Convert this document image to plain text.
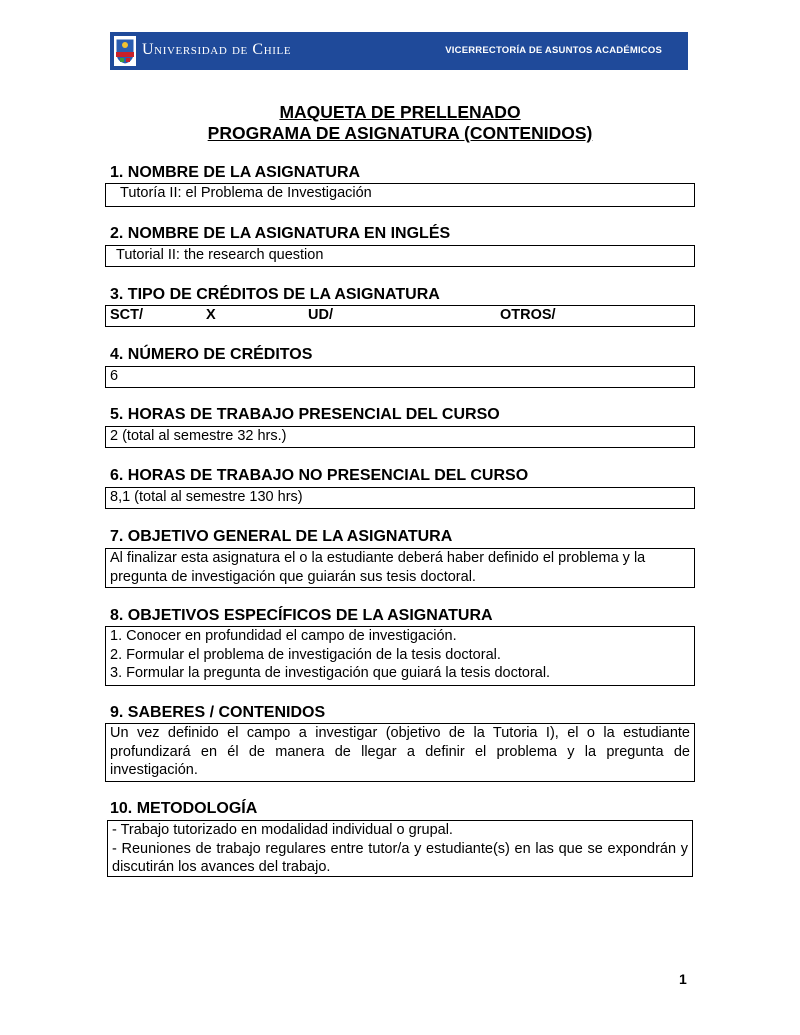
Universidad de Chile	VICERRECTORÍA DE ASUNTOS ACADÉMICOS
MAQUETA DE PRELLENADO
PROGRAMA DE ASIGNATURA (CONTENIDOS)
1. NOMBRE DE LA ASIGNATURA
Tutoría II: el Problema de Investigación
2. NOMBRE DE LA ASIGNATURA EN INGLÉS
Tutorial II: the research question
3. TIPO DE CRÉDITOS DE LA ASIGNATURA
SCT/	X	UD/	OTROS/
4. NÚMERO DE CRÉDITOS
6
5. HORAS DE TRABAJO PRESENCIAL DEL CURSO
2 (total al semestre 32 hrs.)
6. HORAS DE TRABAJO NO PRESENCIAL DEL CURSO
8,1 (total al semestre 130 hrs)
7. OBJETIVO GENERAL DE LA ASIGNATURA
Al finalizar esta asignatura el o la estudiante deberá haber definido el problema y la pregunta de investigación que guiarán sus tesis doctoral.
8. OBJETIVOS ESPECÍFICOS DE LA ASIGNATURA
1. Conocer en profundidad el campo de investigación.
2. Formular el problema de investigación de la tesis doctoral.
3. Formular la pregunta de investigación que guiará la tesis doctoral.
9. SABERES / CONTENIDOS
Un vez definido el campo a investigar (objetivo de la Tutoria I), el o la estudiante profundizará en él de manera de llegar a definir el problema y la pregunta de investigación.
10. METODOLOGÍA
- Trabajo tutorizado en modalidad individual o grupal.
- Reuniones de trabajo regulares entre tutor/a y estudiante(s) en las que se expondrán y discutirán los avances del trabajo.
1
